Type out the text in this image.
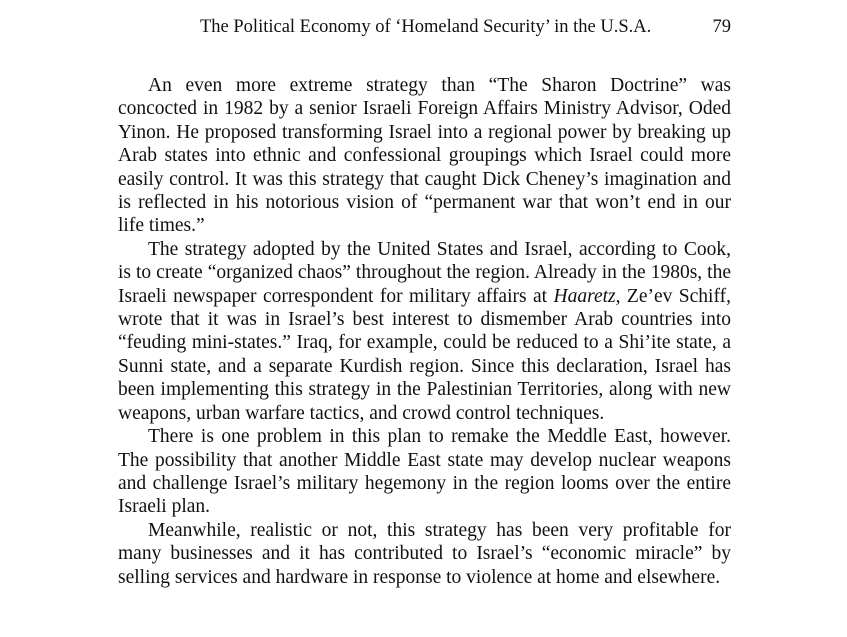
The Political Economy of ‘Homeland Security’ in the U.S.A.	79

An even more extreme strategy than “The Sharon Doctrine” was concocted in 1982 by a senior Israeli Foreign Affairs Ministry Advisor, Oded Yinon. He proposed transforming Israel into a regional power by breaking up Arab states into ethnic and confessional groupings which Israel could more easily control. It was this strategy that caught Dick Cheney’s imagination and is reflected in his notorious vision of “permanent war that won’t end in our life times.”

The strategy adopted by the United States and Israel, according to Cook, is to create “organized chaos” throughout the region. Already in the 1980s, the Israeli newspaper correspondent for military affairs at Haaretz, Ze’ev Schiff, wrote that it was in Israel’s best interest to dismember Arab countries into “feuding mini-states.” Iraq, for example, could be reduced to a Shi’ite state, a Sunni state, and a separate Kurdish region. Since this declaration, Israel has been implementing this strategy in the Palestinian Territories, along with new weapons, urban warfare tactics, and crowd control techniques.

There is one problem in this plan to remake the Meddle East, however. The possibility that another Middle East state may develop nuclear weapons and challenge Israel’s military hegemony in the region looms over the entire Israeli plan.

Meanwhile, realistic or not, this strategy has been very profitable for many businesses and it has contributed to Israel’s “economic miracle” by selling services and hardware in response to violence at home and elsewhere.
